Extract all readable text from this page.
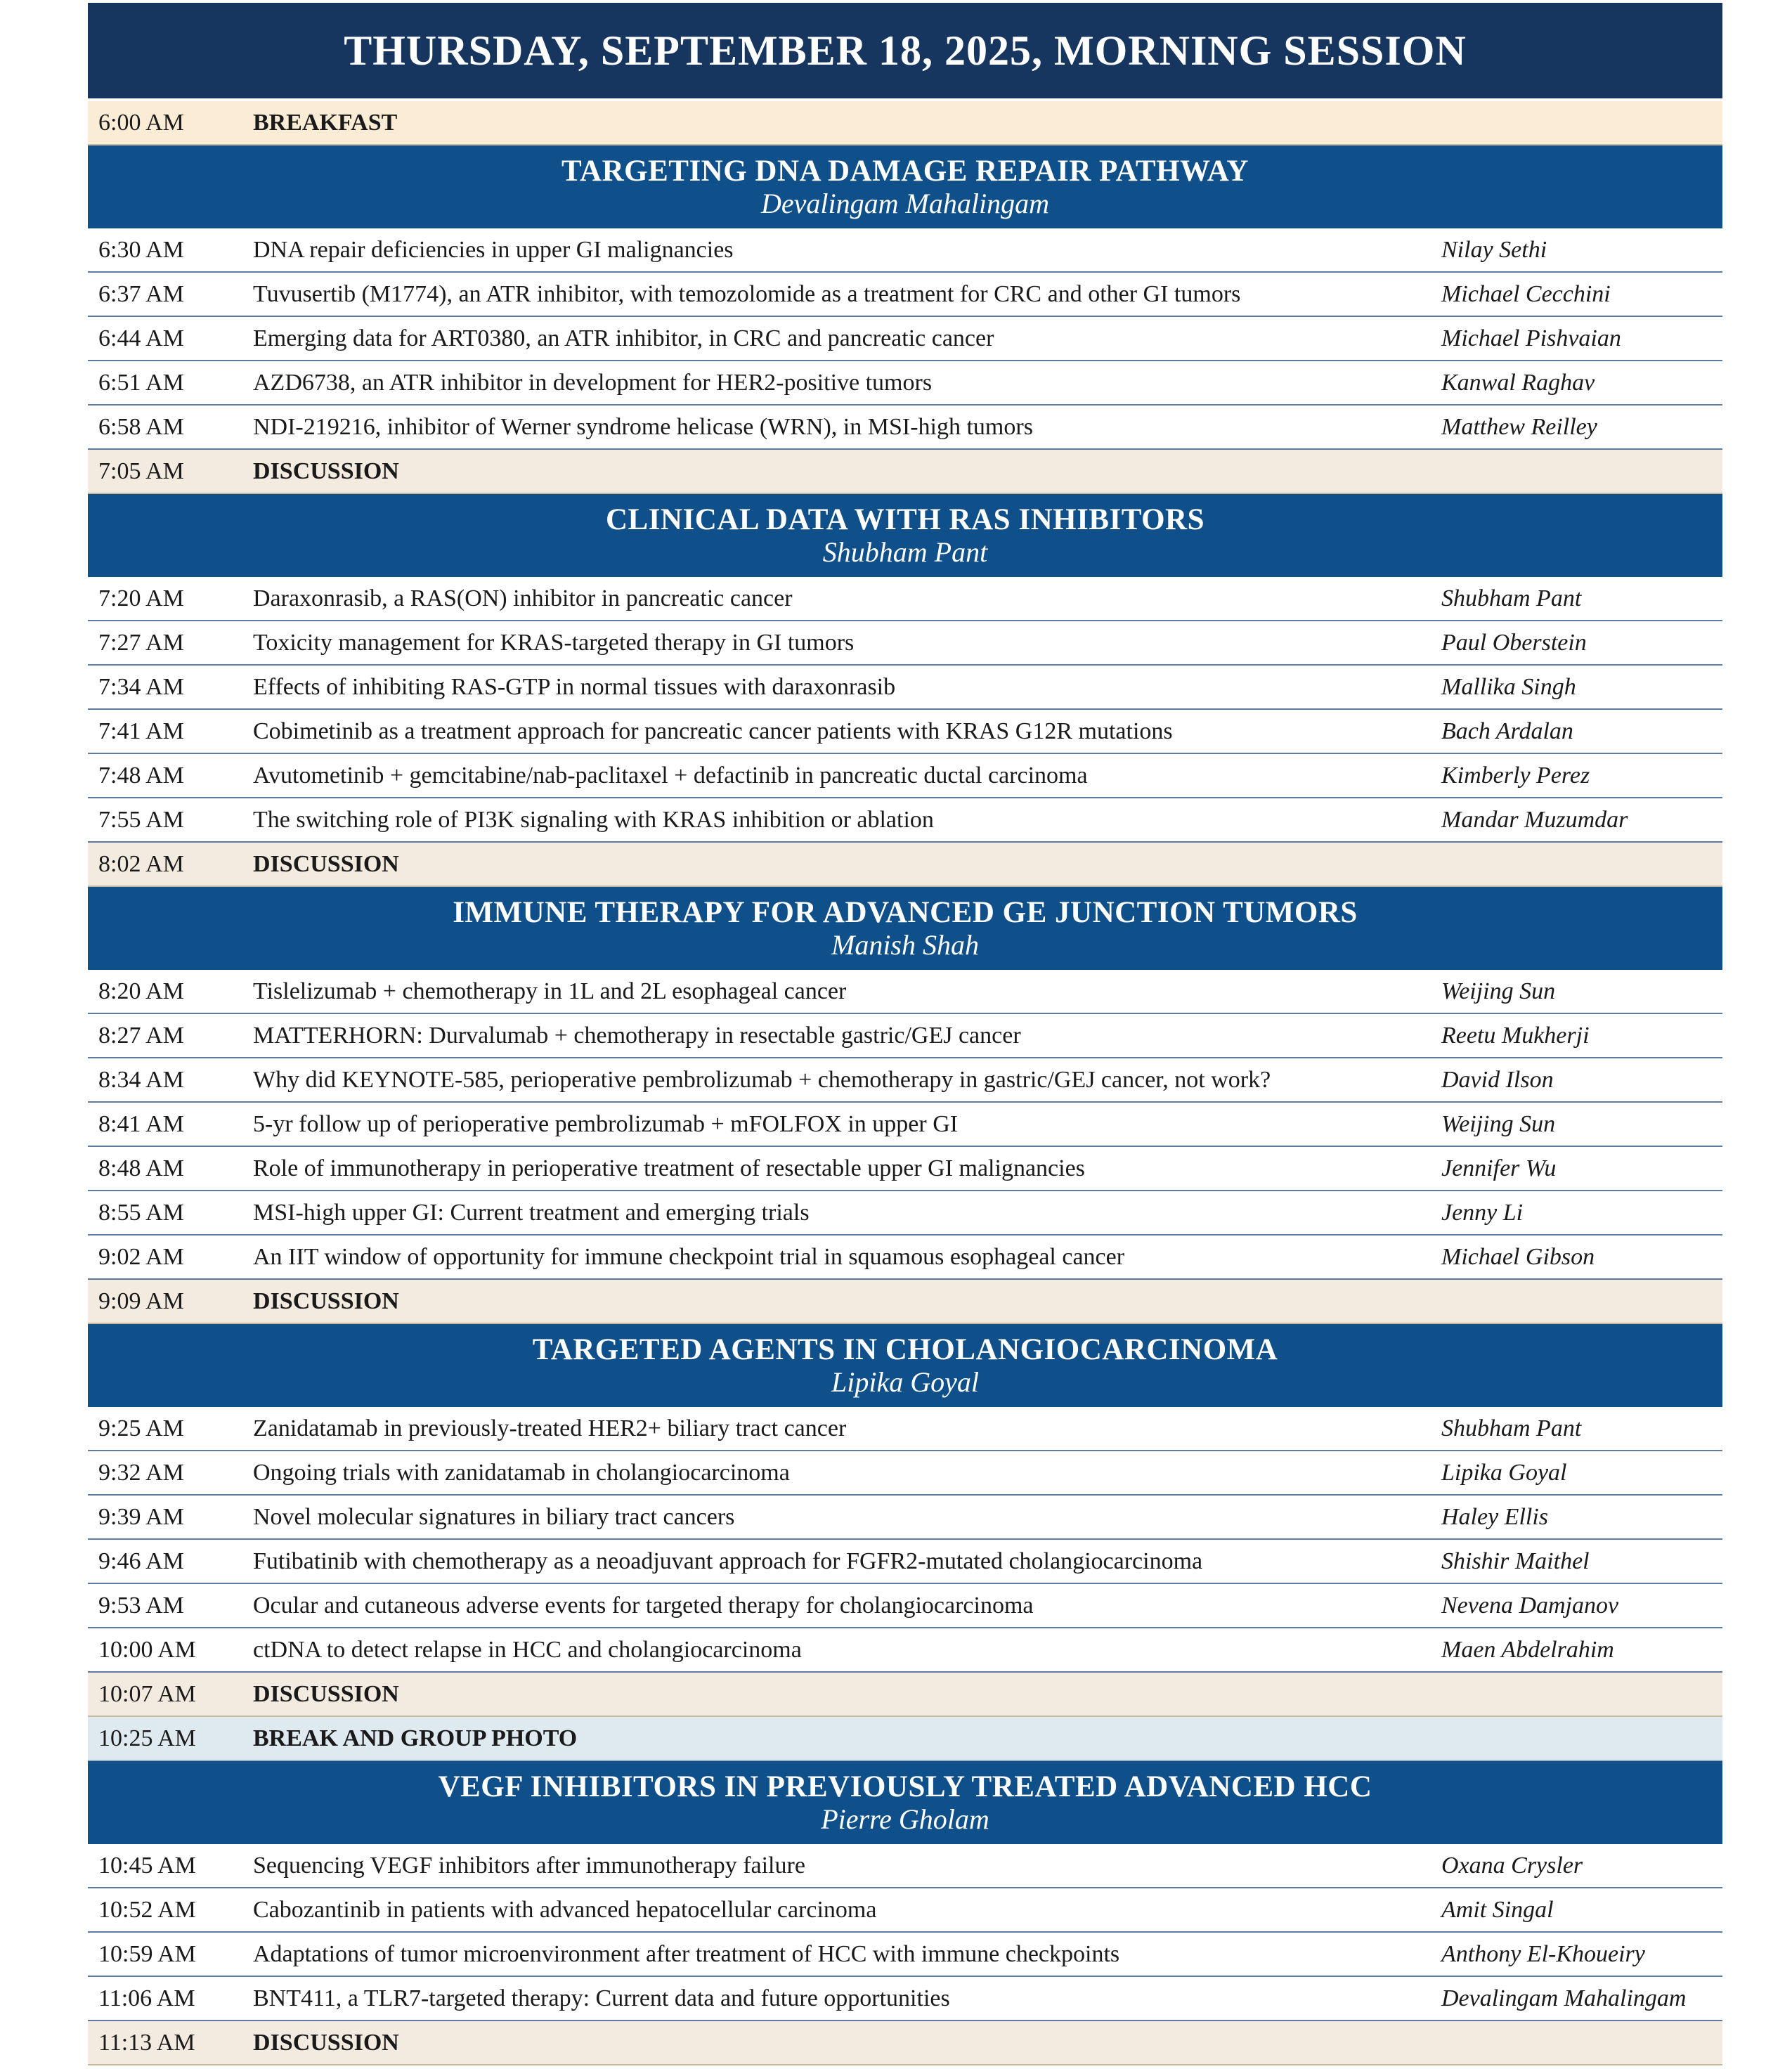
THURSDAY, SEPTEMBER 18, 2025, MORNING SESSION
6:00 AM	BREAKFAST
TARGETING DNA DAMAGE REPAIR PATHWAY
Devalingam Mahalingam
6:30 AM	DNA repair deficiencies in upper GI malignancies	Nilay Sethi
6:37 AM	Tuvusertib (M1774), an ATR inhibitor, with temozolomide as a treatment for CRC and other GI tumors	Michael Cecchini
6:44 AM	Emerging data for ART0380, an ATR inhibitor, in CRC and pancreatic cancer	Michael Pishvaian
6:51 AM	AZD6738, an ATR inhibitor in development for HER2-positive tumors	Kanwal Raghav
6:58 AM	NDI-219216, inhibitor of Werner syndrome helicase (WRN), in MSI-high tumors	Matthew Reilley
7:05 AM	DISCUSSION
CLINICAL DATA WITH RAS INHIBITORS
Shubham Pant
7:20 AM	Daraxonrasib, a RAS(ON) inhibitor in pancreatic cancer	Shubham Pant
7:27 AM	Toxicity management for KRAS-targeted therapy in GI tumors	Paul Oberstein
7:34 AM	Effects of inhibiting RAS-GTP in normal tissues with daraxonrasib	Mallika Singh
7:41 AM	Cobimetinib as a treatment approach for pancreatic cancer patients with KRAS G12R mutations	Bach Ardalan
7:48 AM	Avutometinib + gemcitabine/nab-paclitaxel + defactinib in pancreatic ductal carcinoma	Kimberly Perez
7:55 AM	The switching role of PI3K signaling with KRAS inhibition or ablation	Mandar Muzumdar
8:02 AM	DISCUSSION
IMMUNE THERAPY FOR ADVANCED GE JUNCTION TUMORS
Manish Shah
8:20 AM	Tislelizumab + chemotherapy in 1L and 2L esophageal cancer	Weijing Sun
8:27 AM	MATTERHORN: Durvalumab + chemotherapy in resectable gastric/GEJ cancer	Reetu Mukherji
8:34 AM	Why did KEYNOTE-585, perioperative pembrolizumab + chemotherapy in gastric/GEJ cancer, not work?	David Ilson
8:41 AM	5-yr follow up of perioperative pembrolizumab + mFOLFOX in upper GI	Weijing Sun
8:48 AM	Role of immunotherapy in perioperative treatment of resectable upper GI malignancies	Jennifer Wu
8:55 AM	MSI-high upper GI: Current treatment and emerging trials	Jenny Li
9:02 AM	An IIT window of opportunity for immune checkpoint trial in squamous esophageal cancer	Michael Gibson
9:09 AM	DISCUSSION
TARGETED AGENTS IN CHOLANGIOCARCINOMA
Lipika Goyal
9:25 AM	Zanidatamab in previously-treated HER2+ biliary tract cancer	Shubham Pant
9:32 AM	Ongoing trials with zanidatamab in cholangiocarcinoma	Lipika Goyal
9:39 AM	Novel molecular signatures in biliary tract cancers	Haley Ellis
9:46 AM	Futibatinib with chemotherapy as a neoadjuvant approach for FGFR2-mutated cholangiocarcinoma	Shishir Maithel
9:53 AM	Ocular and cutaneous adverse events for targeted therapy for cholangiocarcinoma	Nevena Damjanov
10:00 AM	ctDNA to detect relapse in HCC and cholangiocarcinoma	Maen Abdelrahim
10:07 AM	DISCUSSION
10:25 AM	BREAK AND GROUP PHOTO
VEGF INHIBITORS IN PREVIOUSLY TREATED ADVANCED HCC
Pierre Gholam
10:45 AM	Sequencing VEGF inhibitors after immunotherapy failure	Oxana Crysler
10:52 AM	Cabozantinib in patients with advanced hepatocellular carcinoma	Amit Singal
10:59 AM	Adaptations of tumor microenvironment after treatment of HCC with immune checkpoints	Anthony El-Khoueiry
11:06 AM	BNT411, a TLR7-targeted therapy: Current data and future opportunities	Devalingam Mahalingam
11:13 AM	DISCUSSION
